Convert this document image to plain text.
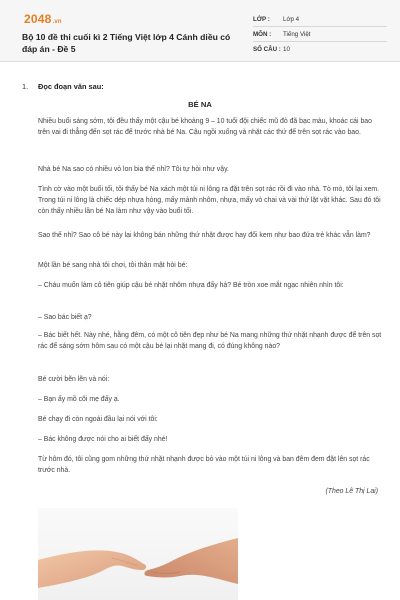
2048.vn
Bộ 10 đề thi cuối kì 2 Tiếng Việt lớp 4 Cánh diều có đáp án - Đề 5
LỚP :	Lớp 4
MÔN :	Tiếng Việt
SỐ CÂU : 10
1. Đọc đoạn văn sau:
BÉ NA
Nhiều buổi sáng sớm, tôi đều thấy một cậu bé khoảng 9 – 10 tuổi đội chiếc mũ đỏ đã bạc màu, khoác cái bao trên vai đi thẳng đến sọt rác để trước nhà bé Na. Cậu ngồi xuống và nhặt các thứ để trên sọt rác vào bao.
Nhà bé Na sao có nhiều vỏ lon bia thế nhỉ? Tôi tự hỏi như vậy.
Tình cờ vào một buổi tối, tôi thấy bé Na xách một túi ni lông ra đặt trên sọt rác rồi đi vào nhà. Tò mò, tôi lại xem. Trong túi ni lông là chiếc dép nhựa hỏng, mấy mảnh nhôm, nhựa, mấy vỏ chai và vài thứ lặt vặt khác. Sau đó tôi còn thấy nhiều lần bé Na làm như vậy vào buổi tối.
Sao thế nhỉ? Sao cô bé này lại không bán những thứ nhặt được hay đổi kem như bao đứa trẻ khác vẫn làm?
Một lần bé sang nhà tôi chơi, tôi thân mật hỏi bé:
– Cháu muốn làm cô tiên giúp cậu bé nhặt nhôm nhựa đấy hả? Bé tròn xoe mắt ngạc nhiên nhìn tôi:
– Sao bác biết ạ?
– Bác biết hết. Này nhé, hằng đêm, có một cô tiên đẹp như bé Na mang những thứ nhặt nhạnh được để trên sọt rác để sáng sớm hôm sau có một cậu bé lại nhặt mang đi, có đúng không nào?
Bé cười bẽn lẽn và nói:
– Bạn ấy mồ côi mẹ đấy ạ.
Bé chạy đi còn ngoái đầu lại nói với tôi:
– Bác không được nói cho ai biết đấy nhé!
Từ hôm đó, tôi cũng gom những thứ nhặt nhạnh được bỏ vào một túi ni lông và ban đêm đem đặt lên sọt rác trước nhà.
(Theo Lê Thị Lai)
